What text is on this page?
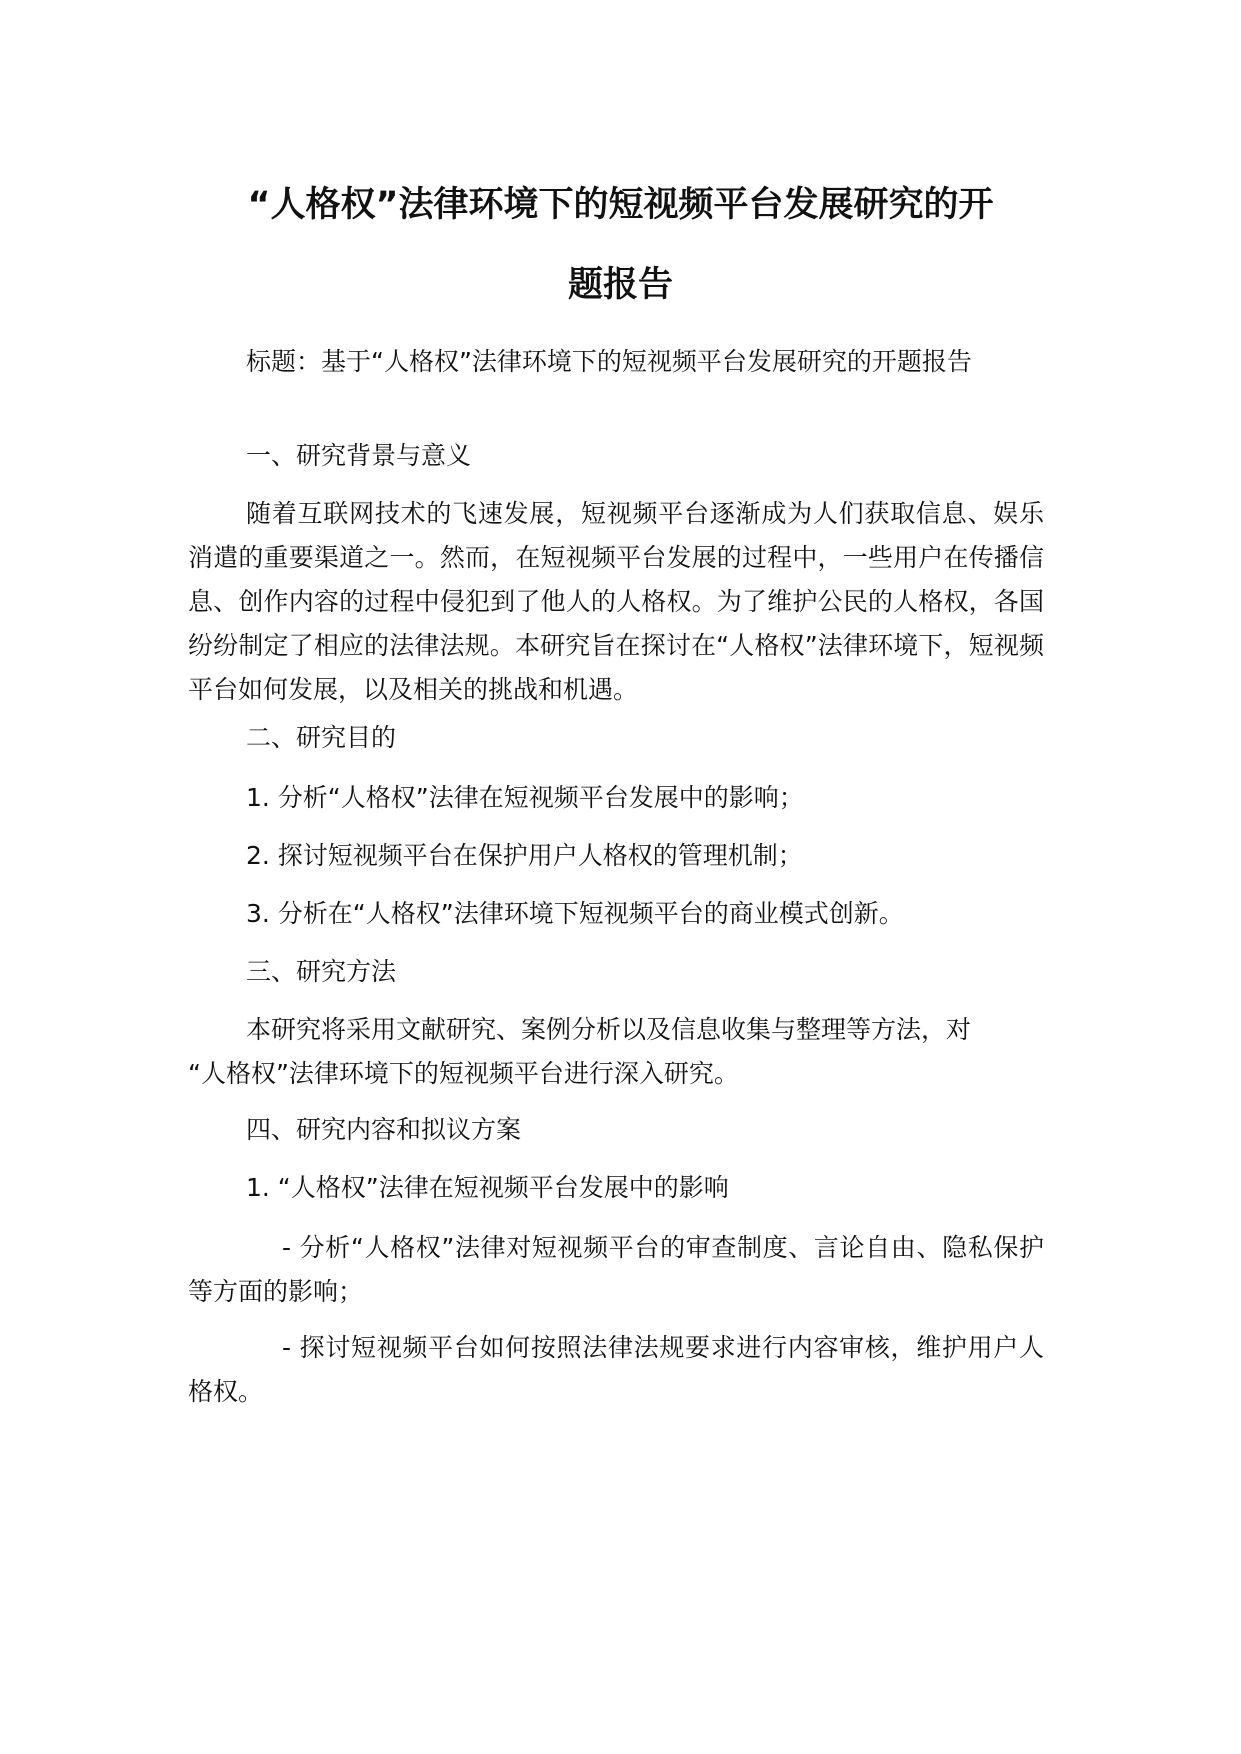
“人格权”法律环境下的短视频平台发展研究的开
题报告

标题：基于“人格权”法律环境下的短视频平台发展研究的开题报告

一、研究背景与意义

随着互联网技术的飞速发展，短视频平台逐渐成为人们获取信息、娱乐消遣的重要渠道之一。然而，在短视频平台发展的过程中，一些用户在传播信息、创作内容的过程中侵犯到了他人的人格权。为了维护公民的人格权，各国纷纷制定了相应的法律法规。本研究旨在探讨在“人格权”法律环境下，短视频平台如何发展，以及相关的挑战和机遇。

二、研究目的

1. 分析“人格权”法律在短视频平台发展中的影响；

2. 探讨短视频平台在保护用户人格权的管理机制；

3. 分析在“人格权”法律环境下短视频平台的商业模式创新。

三、研究方法

本研究将采用文献研究、案例分析以及信息收集与整理等方法，对

“人格权”法律环境下的短视频平台进行深入研究。

四、研究内容和拟议方案

1. “人格权”法律在短视频平台发展中的影响

- 分析“人格权”法律对短视频平台的审查制度、言论自由、隐私保护等方面的影响；

- 探讨短视频平台如何按照法律法规要求进行内容审核，维护用户人格权。
